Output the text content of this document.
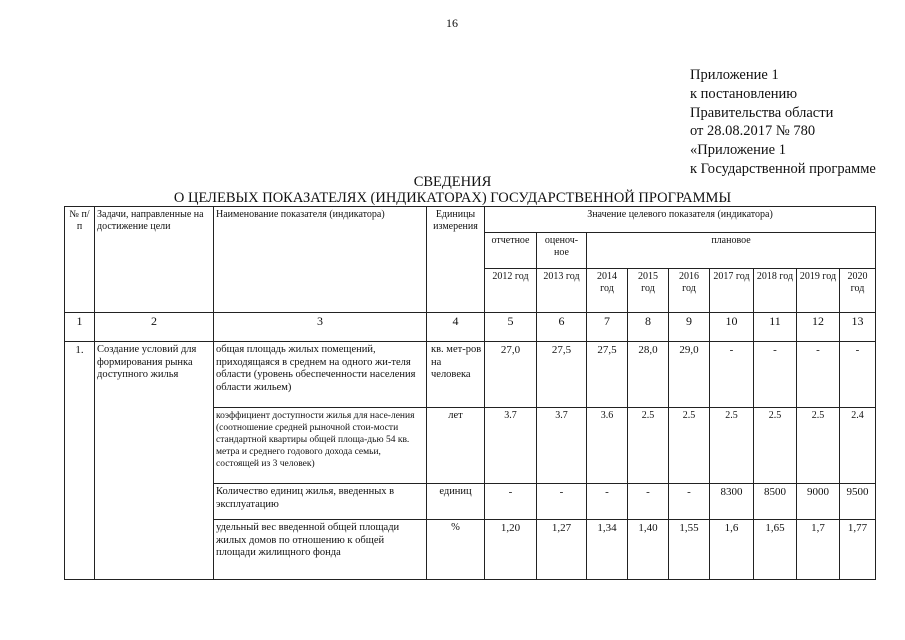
16
Приложение 1
к постановлению
Правительства области
от 28.08.2017 № 780
«Приложение 1
к Государственной программе
СВЕДЕНИЯ
О ЦЕЛЕВЫХ ПОКАЗАТЕЛЯХ (ИНДИКАТОРАХ) ГОСУДАРСТВЕННОЙ ПРОГРАММЫ
№ п/п	Задачи, направленные на достижение цели	Наименование показателя (индикатора)	Единицы измерения	Значение целевого показателя (индикатора)								
				отчетное	оценоч-ное	плановое						
				2012 год	2013 год	2014 год	2015 год	2016 год	2017 год	2018 год	2019 год	2020 год
1	2	3	4	5	6	7	8	9	10	11	12	13
1.	Создание условий для формирования рынка доступного жилья	общая площадь жилых помещений, приходящаяся в среднем на одного жи-теля области (уровень обеспеченности населения области жильем)	кв. мет-ров на человека	27,0	27,5	27,5	28,0	29,0	-	-	-	-
		коэффициент доступности жилья для насе-ления (соотношение средней рыночной стои-мости стандартной квартиры общей площа-дью 54 кв. метра и среднего годового дохода семьи, состоящей из 3 человек)	лет	3.7	3.7	3.6	2.5	2.5	2.5	2.5	2.5	2.4
		Количество единиц жилья, введенных в эксплуатацию	единиц	-	-	-	-	-	8300	8500	9000	9500
		удельный вес введенной общей площади жилых домов по отношению к общей площади жилищного фонда	%	1,20	1,27	1,34	1,40	1,55	1,6	1,65	1,7	1,77
